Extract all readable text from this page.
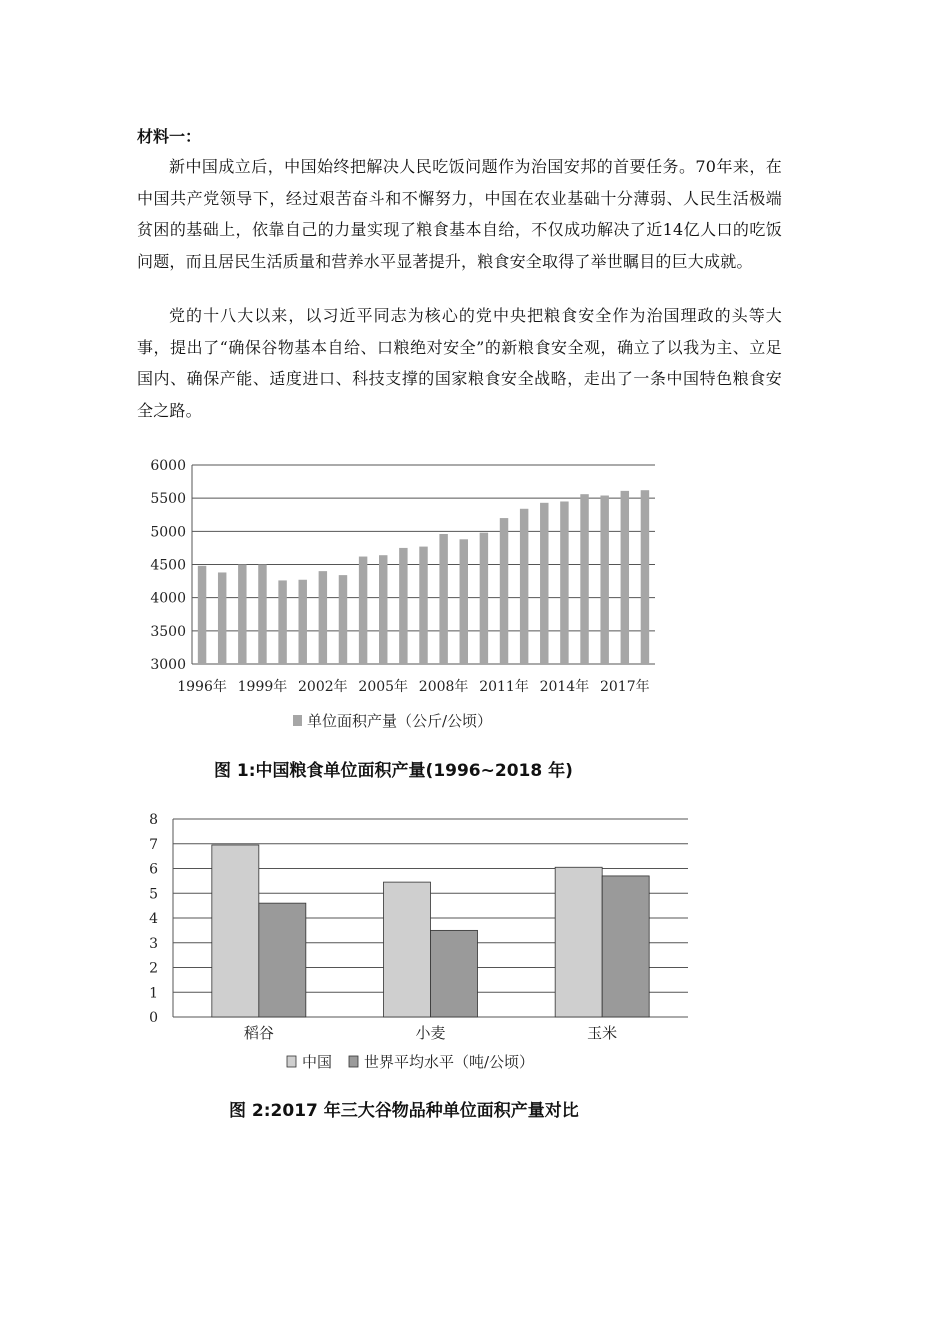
材料一：

新中国成立后，中国始终把解决人民吃饭问题作为治国安邦的首要任务。70年来，在中国共产党领导下，经过艰苦奋斗和不懈努力，中国在农业基础十分薄弱、人民生活极端贫困的基础上，依靠自己的力量实现了粮食基本自给，不仅成功解决了近14亿人口的吃饭问题，而且居民生活质量和营养水平显著提升，粮食安全取得了举世瞩目的巨大成就。

党的十八大以来，以习近平同志为核心的党中央把粮食安全作为治国理政的头等大事，提出了“确保谷物基本自给、口粮绝对安全”的新粮食安全观，确立了以我为主、立足国内、确保产能、适度进口、科技支撑的国家粮食安全战略，走出了一条中国特色粮食安全之路。

3000
3500
4000
4500
5000
5500
6000
1996年 1999年 2002年 2005年 2008年 2011年 2014年 2017年
单位面积产量（公斤/公顷）
图 1:中国粮食单位面积产量(1996~2018 年)
0
1
2
3
4
5
6
7
8
稻谷	小麦	玉米
中国 世界平均水平（吨/公顷）
图 2:2017 年三大谷物品种单位面积产量对比
